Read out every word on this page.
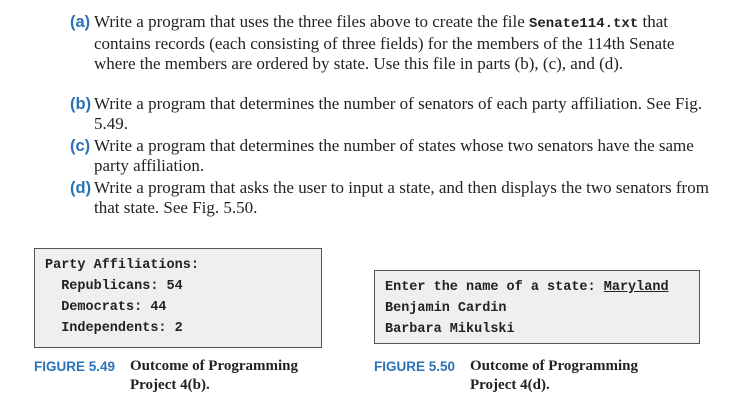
(a) Write a program that uses the three files above to create the file Senate114.txt that contains records (each consisting of three fields) for the members of the 114th Senate where the members are ordered by state. Use this file in parts (b), (c), and (d).
(b) Write a program that determines the number of senators of each party affiliation. See Fig. 5.49.
(c) Write a program that determines the number of states whose two senators have the same party affiliation.
(d) Write a program that asks the user to input a state, and then displays the two senators from that state. See Fig. 5.50.
Party Affiliations:
Republicans: 54
Democrats: 44
Independents: 2
Enter the name of a state: Maryland
Benjamin Cardin
Barbara Mikulski
FIGURE 5.49 Outcome of Programming
Project 4(b).
FIGURE 5.50 Outcome of Programming
Project 4(d).
